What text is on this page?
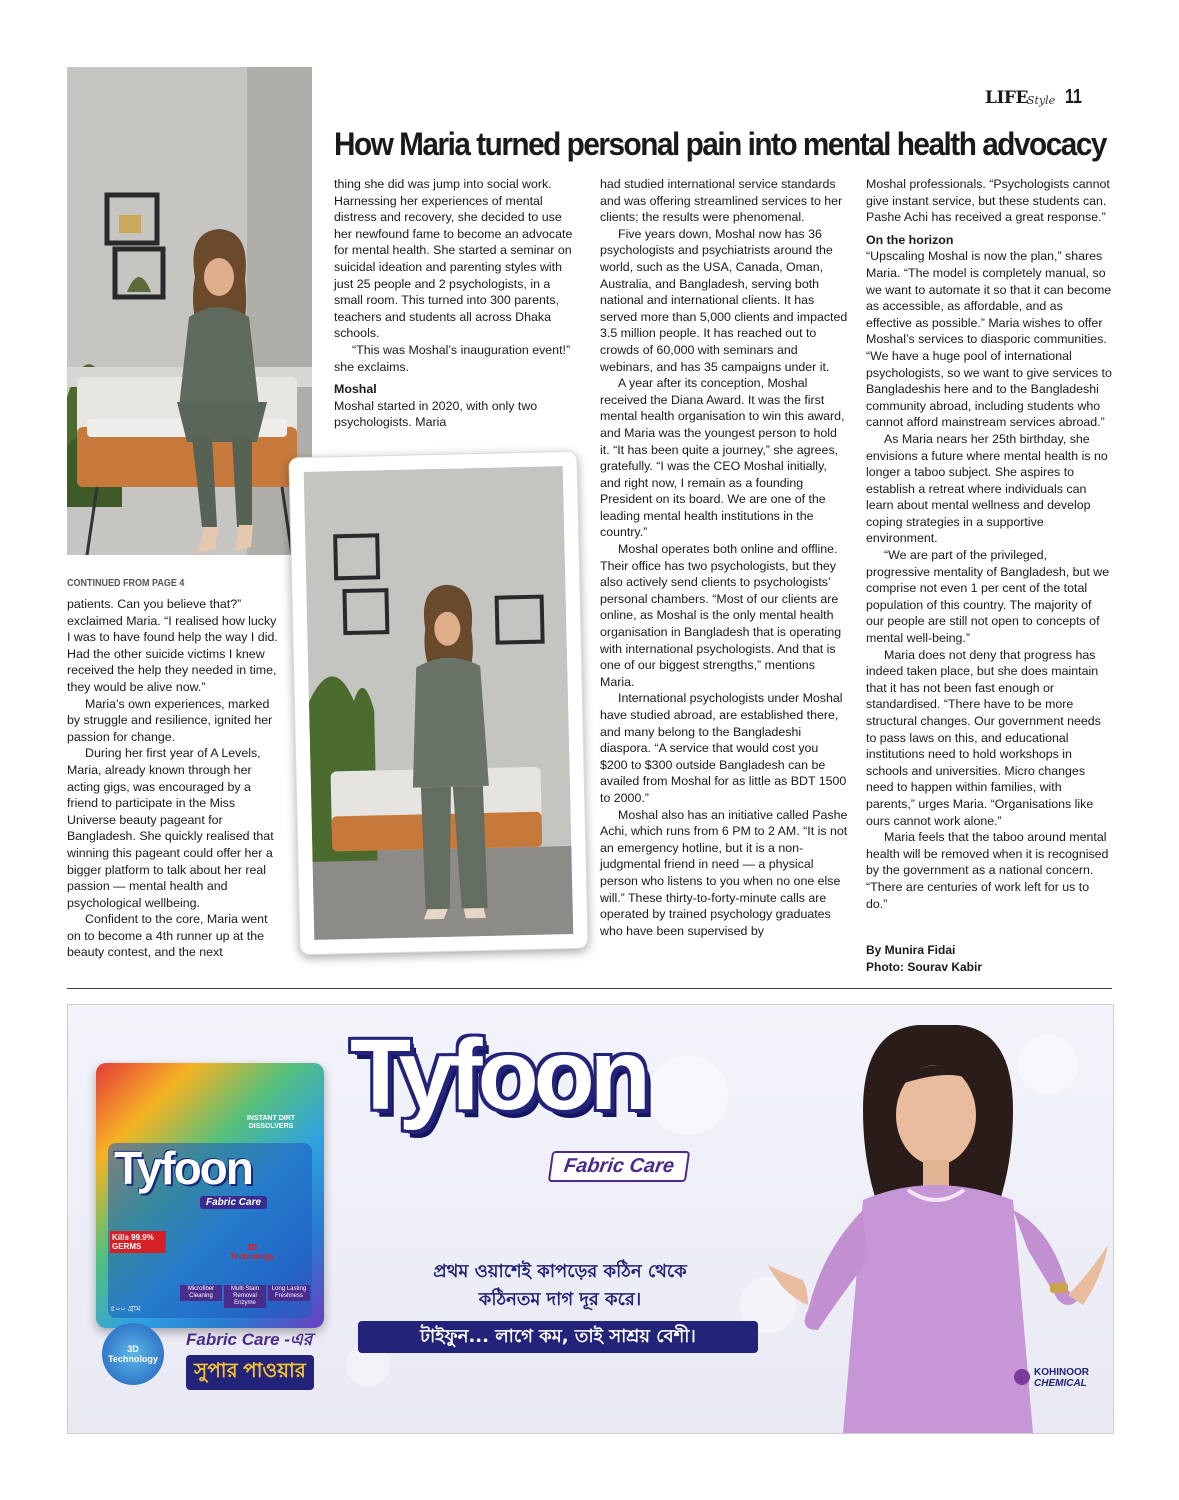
LIFE Style 11
How Maria turned personal pain into mental health advocacy
CONTINUED FROM PAGE 4

patients. Can you believe that?” exclaimed Maria. “I realised how lucky I was to have found help the way I did. Had the other suicide victims I knew received the help they needed in time, they would be alive now.”

Maria’s own experiences, marked by struggle and resilience, ignited her passion for change.

During her first year of A Levels, Maria, already known through her acting gigs, was encouraged by a friend to participate in the Miss Universe beauty pageant for Bangladesh. She quickly realised that winning this pageant could offer her a bigger platform to talk about her real passion — mental health and psychological wellbeing.

Confident to the core, Maria went on to become a 4th runner up at the beauty contest, and the next

thing she did was jump into social work. Harnessing her experiences of mental distress and recovery, she decided to use her newfound fame to become an advocate for mental health. She started a seminar on suicidal ideation and parenting styles with just 25 people and 2 psychologists, in a small room. This turned into 300 parents, teachers and students all across Dhaka schools.

“This was Moshal’s inauguration event!” she exclaims.

Moshal

Moshal started in 2020, with only two psychologists. Maria

had studied international service standards and was offering streamlined services to her clients; the results were phenomenal.

Five years down, Moshal now has 36 psychologists and psychiatrists around the world, such as the USA, Canada, Oman, Australia, and Bangladesh, serving both national and international clients. It has served more than 5,000 clients and impacted 3.5 million people. It has reached out to crowds of 60,000 with seminars and webinars, and has 35 campaigns under it.

A year after its conception, Moshal received the Diana Award. It was the first mental health organisation to win this award, and Maria was the youngest person to hold it. “It has been quite a journey,” she agrees, gratefully. “I was the CEO Moshal initially, and right now, I remain as a founding President on its board. We are one of the leading mental health institutions in the country.”

Moshal operates both online and offline. Their office has two psychologists, but they also actively send clients to psychologists’ personal chambers. “Most of our clients are online, as Moshal is the only mental health organisation in Bangladesh that is operating with international psychologists. And that is one of our biggest strengths,” mentions Maria.

International psychologists under Moshal have studied abroad, are established there, and many belong to the Bangladeshi diaspora. “A service that would cost you $200 to $300 outside Bangladesh can be availed from Moshal for as little as BDT 1500 to 2000.”

Moshal also has an initiative called Pashe Achi, which runs from 6 PM to 2 AM. “It is not an emergency hotline, but it is a non-judgmental friend in need — a physical person who listens to you when no one else will.” These thirty-to-forty-minute calls are operated by trained psychology graduates who have been supervised by

Moshal professionals. “Psychologists cannot give instant service, but these students can. Pashe Achi has received a great response.”

On the horizon

“Upscaling Moshal is now the plan,” shares Maria. “The model is completely manual, so we want to automate it so that it can become as accessible, as affordable, and as effective as possible.” Maria wishes to offer Moshal’s services to diasporic communities. “We have a huge pool of international psychologists, so we want to give services to Bangladeshis here and to the Bangladeshi community abroad, including students who cannot afford mainstream services abroad.”

As Maria nears her 25th birthday, she envisions a future where mental health is no longer a taboo subject. She aspires to establish a retreat where individuals can learn about mental wellness and develop coping strategies in a supportive environment.

“We are part of the privileged, progressive mentality of Bangladesh, but we comprise not even 1 per cent of the total population of this country. The majority of our people are still not open to concepts of mental well-being.”

Maria does not deny that progress has indeed taken place, but she does maintain that it has not been fast enough or standardised. “There have to be more structural changes. Our government needs to pass laws on this, and educational institutions need to hold workshops in schools and universities. Micro changes need to happen within families, with parents,” urges Maria. “Organisations like ours cannot work alone.”

Maria feels that the taboo around mental health will be removed when it is recognised by the government as a national concern. “There are centuries of work left for us to do.”

By Munira Fidai
Photo: Sourav Kabir
INSTANT DIRT DISSOLVERS
Tyfoon
Fabric Care
Kills 99.9% GERMS	3D Technology
Microfiber Cleaning
Multi Stain Removal Enzyme
Long Lasting Freshness
৫০০ গ্রাম
3D Technology
Fabric Care -এর
সুপার পাওয়ার
Tyfoon
Fabric Care
প্রথম ওয়াশেই কাপড়ের কঠিন থেকে
কঠিনতম দাগ দূর করে।
টাইফুন... লাগে কম, তাই সাশ্রয় বেশী।
KOHINOOR
CHEMICAL
